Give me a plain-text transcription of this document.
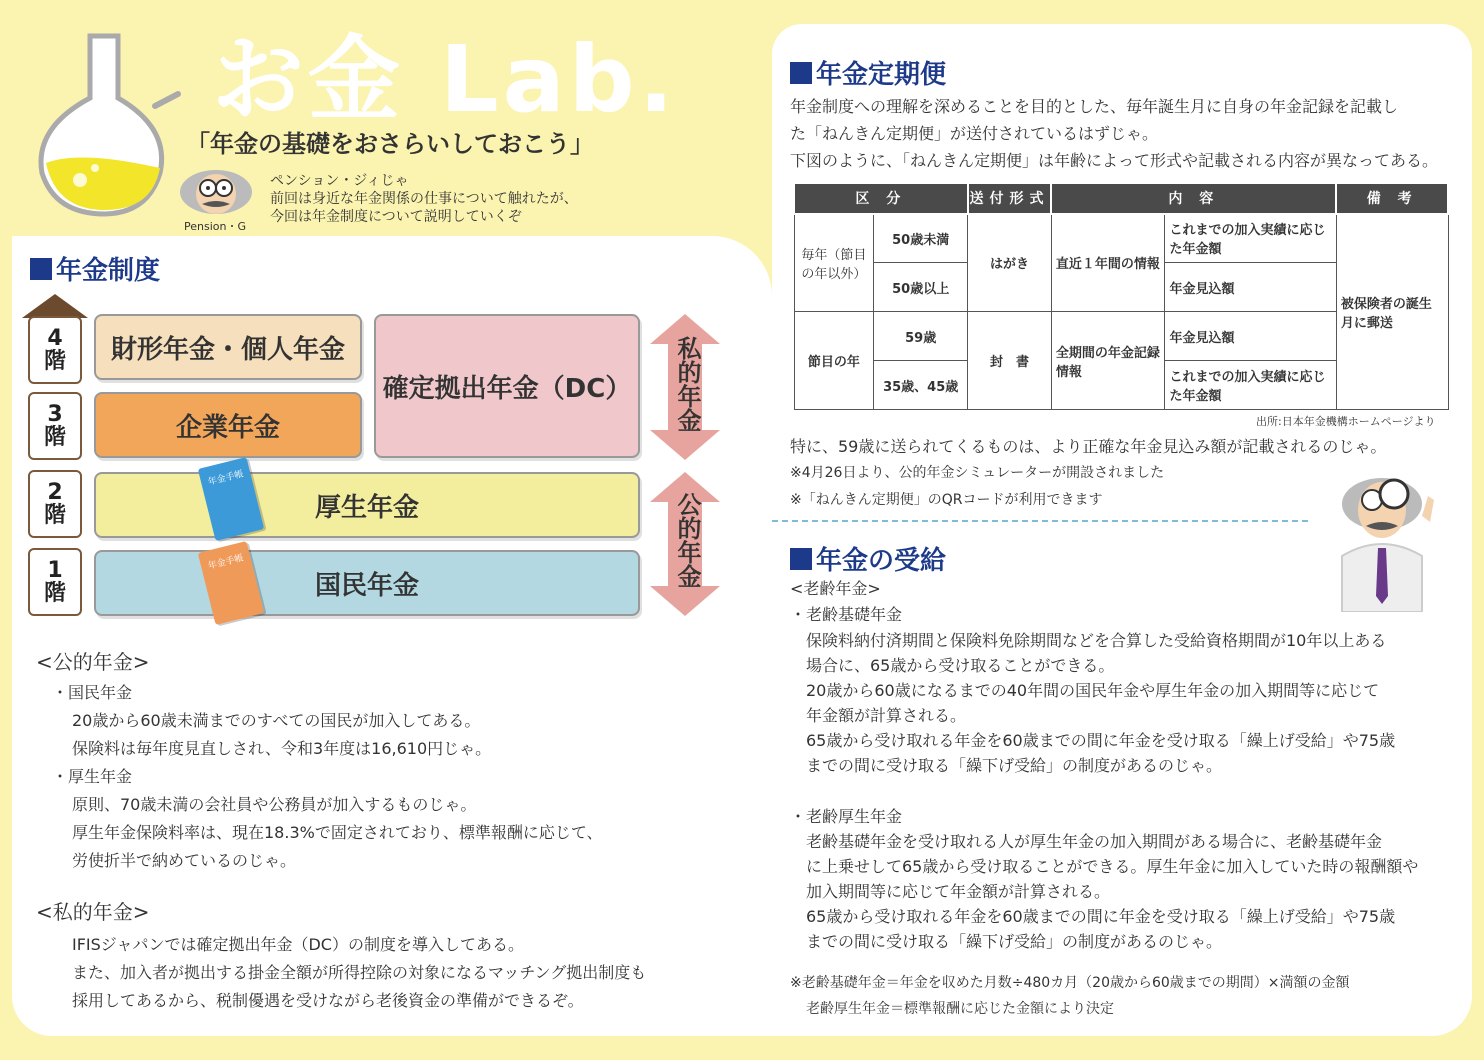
お金 Lab.
「年金の基礎をおさらいしておこう」
Pension・G
ペンション・ジィじゃ
前回は身近な年金関係の仕事について触れたが、
今回は年金制度について説明していくぞ
年金制度
4
階
3
階
2
階
1
階
財形年金・個人年金
企業年金
確定拠出年金（DC）
厚生年金
国民年金
年金手帳
年金手帳
私的年金
公的年金
<公的年金>
・国民年金
20歳から60歳未満までのすべての国民が加入してある。
保険料は毎年度見直しされ、令和3年度は16,610円じゃ。
・厚生年金
原則、70歳未満の会社員や公務員が加入するものじゃ。
厚生年金保険料率は、現在18.3%で固定されており、標準報酬に応じて、
労使折半で納めているのじゃ。
<私的年金>
IFISジャパンでは確定拠出年金（DC）の制度を導入してある。
また、加入者が拠出する掛金全額が所得控除の対象になるマッチング拠出制度も
採用してあるから、税制優遇を受けながら老後資金の準備ができるぞ。
年金定期便
年金制度への理解を深めることを目的とした、毎年誕生月に自身の年金記録を記載し
た「ねんきん定期便」が送付されているはずじゃ。
下図のように、「ねんきん定期便」は年齢によって形式や記載される内容が異なってある。
区 分		送付形式	内 容		備 考
毎年（節目の年以外）	50歳未満	はがき	直近１年間の情報	これまでの加入実績に応じた年金額	被保険者の誕生月に郵送
	50歳以上			年金見込額	
節目の年	59歳	封　書	全期間の年金記録情報	年金見込額	
	35歳、45歳			これまでの加入実績に応じた年金額	
出所:日本年金機構ホームページより
特に、59歳に送られてくるものは、より正確な年金見込み額が記載されるのじゃ。
※4月26日より、公的年金シミュレーターが開設されました
※「ねんきん定期便」のQRコードが利用できます
年金の受給
<老齢年金>
・老齢基礎年金
保険料納付済期間と保険料免除期間などを合算した受給資格期間が10年以上ある
場合に、65歳から受け取ることができる。
20歳から60歳になるまでの40年間の国民年金や厚生年金の加入期間等に応じて
年金額が計算される。
65歳から受け取れる年金を60歳までの間に年金を受け取る「繰上げ受給」や75歳
までの間に受け取る「繰下げ受給」の制度があるのじゃ。
・老齢厚生年金
老齢基礎年金を受け取れる人が厚生年金の加入期間がある場合に、老齢基礎年金
に上乗せして65歳から受け取ることができる。厚生年金に加入していた時の報酬額や
加入期間等に応じて年金額が計算される。
65歳から受け取れる年金を60歳までの間に年金を受け取る「繰上げ受給」や75歳
までの間に受け取る「繰下げ受給」の制度があるのじゃ。
※老齢基礎年金＝年金を収めた月数÷480カ月（20歳から60歳までの期間）×満額の金額
老齢厚生年金＝標準報酬に応じた金額により決定
